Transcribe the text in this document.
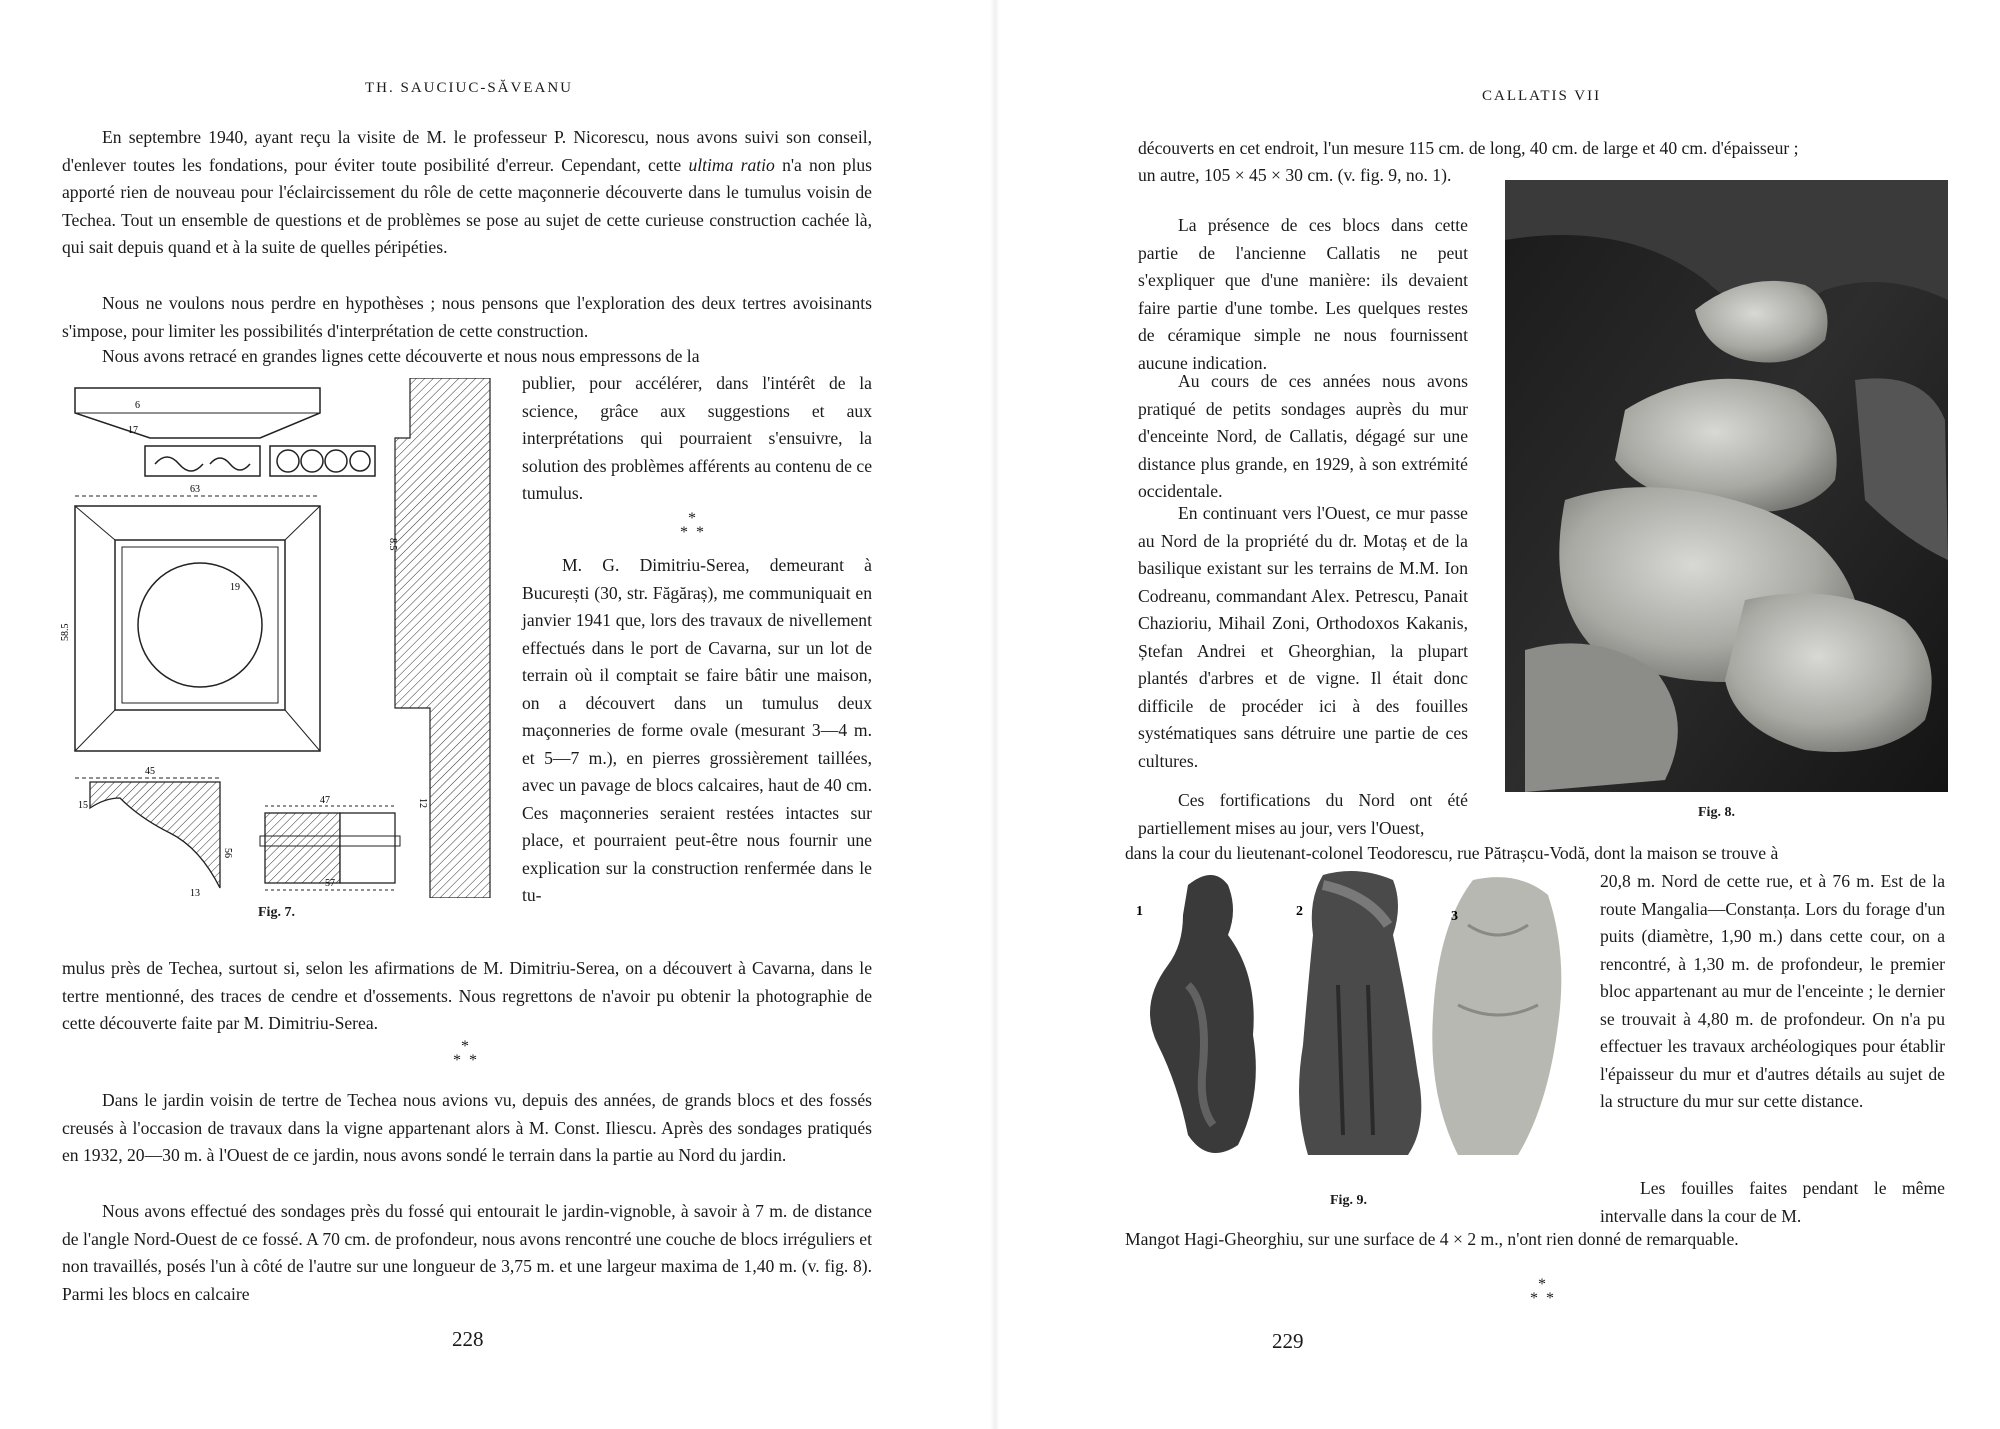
TH. SAUCIUC-SĂVEANU

En septembre 1940, ayant reçu la visite de M. le professeur P. Nicorescu, nous avons suivi son conseil, d'enlever toutes les fondations, pour éviter toute posibilité d'erreur. Cependant, cette ultima ratio n'a non plus apporté rien de nouveau pour l'éclaircissement du rôle de cette maçonnerie découverte dans le tumulus voisin de Techea. Tout un ensemble de questions et de problèmes se pose au sujet de cette curieuse construction cachée là, qui sait depuis quand et à la suite de quelles péripéties.

Nous ne voulons nous perdre en hypothèses ; nous pensons que l'exploration des deux tertres avoisinants s'impose, pour limiter les possibilités d'interprétation de cette construction.

Nous avons retracé en grandes lignes cette découverte et nous nous empressons de la

publier, pour accélérer, dans l'intérêt de la science, grâce aux suggestions et aux interprétations qui pourraient s'ensuivre, la solution des problèmes afférents au contenu de ce tumulus.

*
*  *

M. G. Dimitriu-Serea, demeurant à București (30, str. Făgăraș), me communiquait en janvier 1941 que, lors des travaux de nivellement effectués dans le port de Cavarna, sur un lot de terrain où il comptait se faire bâtir une maison, on a découvert dans un tumulus deux maçonneries de forme ovale (mesurant 3—4 m. et 5—7 m.), en pierres grossièrement taillées, avec un pavage de blocs calcaires, haut de 40 cm. Ces maçonneries seraient restées intactes sur place, et pourraient peut-être nous fournir une explication sur la construction renfermée dans le tu-

mulus près de Techea, surtout si, selon les afirmations de M. Dimitriu-Serea, on a découvert à Cavarna, dans le tertre mentionné, des traces de cendre et d'ossements. Nous regrettons de n'avoir pu obtenir la photographie de cette découverte faite par M. Dimitriu-Serea.

*
*  *

Dans le jardin voisin de tertre de Techea nous avions vu, depuis des années, de grands blocs et des fossés creusés à l'occasion de travaux dans la vigne appartenant alors à M. Const. Iliescu. Après des sondages pratiqués en 1932, 20—30 m. à l'Ouest de ce jardin, nous avons sondé le terrain dans la partie au Nord du jardin.

Nous avons effectué des sondages près du fossé qui entourait le jardin-vignoble, à savoir à 7 m. de distance de l'angle Nord-Ouest de ce fossé. A 70 cm. de profondeur, nous avons rencontré une couche de blocs irréguliers et non travaillés, posés l'un à côté de l'autre sur une longueur de 3,75 m. et une largeur maxima de 1,40 m. (v. fig. 8). Parmi les blocs en calcaire

17
6
63
19
58.5
8.5
12
45
15
56
13
47
57
Fig. 7.
228
CALLATIS VII

découverts en cet endroit, l'un mesure 115 cm. de long, 40 cm. de large et 40 cm. d'épaisseur ;

un autre, 105 × 45 × 30 cm. (v. fig. 9, no. 1).

La présence de ces blocs dans cette partie de l'ancienne Callatis ne peut s'expliquer que d'une manière: ils devaient faire partie d'une tombe. Les quelques restes de céramique simple ne nous fournissent aucune indication.

Au cours de ces années nous avons pratiqué de petits sondages auprès du mur d'enceinte Nord, de Callatis, dégagé sur une distance plus grande, en 1929, à son extrémité occidentale.

En continuant vers l'Ouest, ce mur passe au Nord de la propriété du dr. Motaș et de la basilique existant sur les terrains de M.M. Ion Codreanu, commandant Alex. Petrescu, Panait Chazioriu, Mihail Zoni, Orthodoxos Kakanis, Ștefan Andrei et Gheorghian, la plupart plantés d'arbres et de vigne. Il était donc difficile de procéder ici à des fouilles systématiques sans détruire une partie de ces cultures.

Ces fortifications du Nord ont été partiellement mises au jour, vers l'Ouest,

dans la cour du lieutenant-colonel Teodorescu, rue Pătrașcu-Vodă, dont la maison se trouve à

20,8 m. Nord de cette rue, et à 76 m. Est de la route Mangalia—Constanța. Lors du forage d'un puits (diamètre, 1,90 m.) dans cette cour, on a rencontré, à 1,30 m. de profondeur, le premier bloc appartenant au mur de l'enceinte ; le dernier se trouvait à 4,80 m. de profondeur. On n'a pu effectuer les travaux archéologiques pour établir l'épaisseur du mur et d'autres détails au sujet de la structure du mur sur cette distance.

Les fouilles faites pendant le même intervalle dans la cour de M.

Mangot Hagi-Gheorghiu, sur une surface de 4 × 2 m., n'ont rien donné de remarquable.

*
*  *
Fig. 8.
1	2	3
Fig. 9.
229
